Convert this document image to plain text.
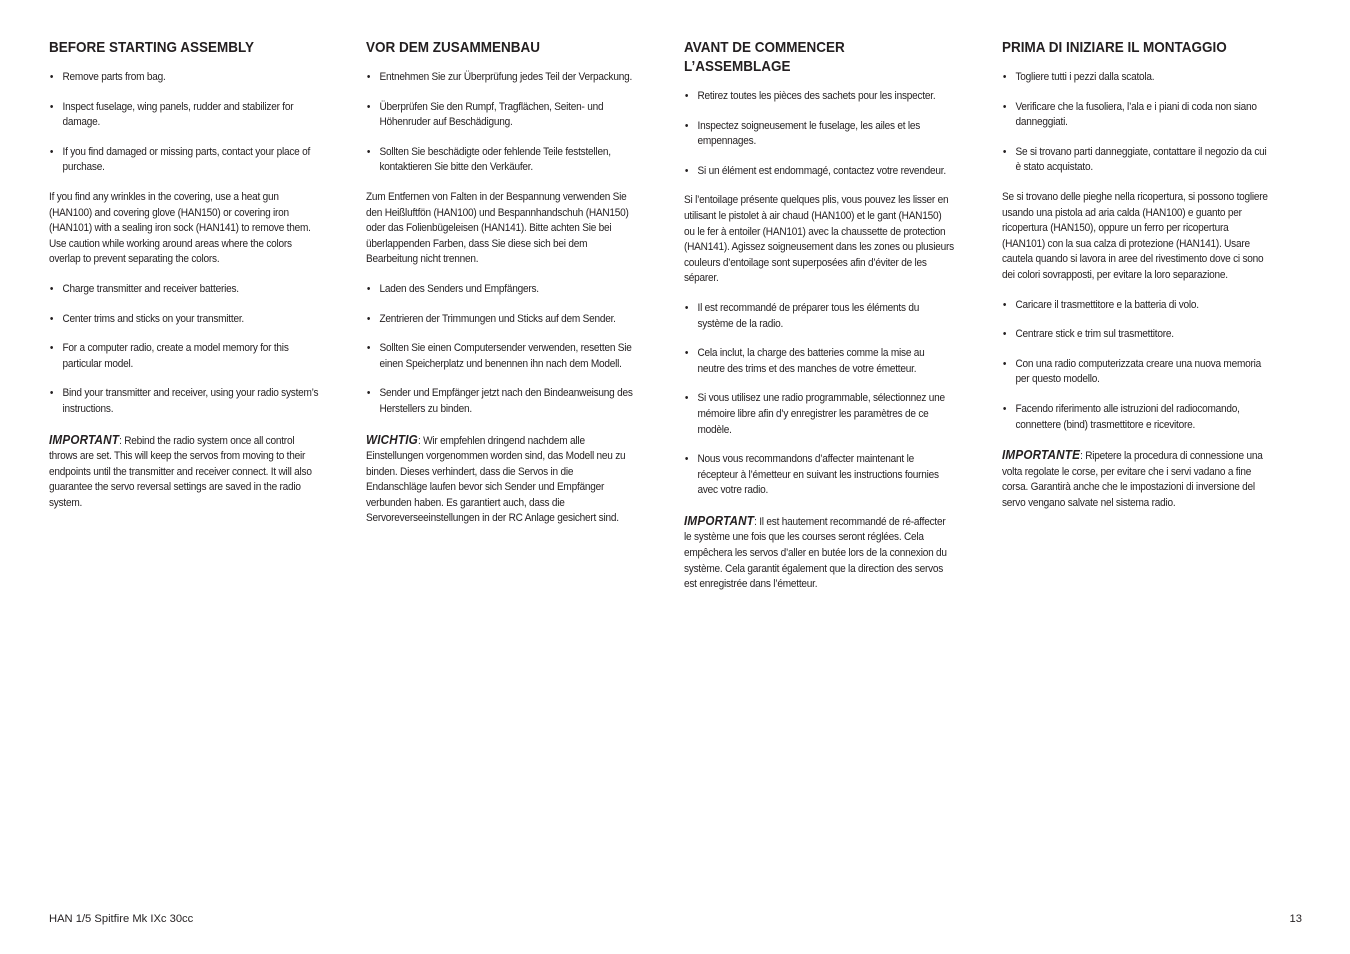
BEFORE STARTING ASSEMBLY
• Remove parts from bag.
• Inspect fuselage, wing panels, rudder and stabilizer for damage.
• If you find damaged or missing parts, contact your place of purchase.

If you find any wrinkles in the covering, use a heat gun (HAN100) and covering glove (HAN150) or covering iron (HAN101) with a sealing iron sock (HAN141) to remove them. Use caution while working around areas where the colors overlap to prevent separating the colors.

• Charge transmitter and receiver batteries.
• Center trims and sticks on your transmitter.
• For a computer radio, create a model memory for this particular model.
• Bind your transmitter and receiver, using your radio system’s instructions.

IMPORTANT: Rebind the radio system once all control throws are set. This will keep the servos from moving to their endpoints until the transmitter and receiver connect. It will also guarantee the servo reversal settings are saved in the radio system.

VOR DEM ZUSAMMENBAU
• Entnehmen Sie zur Überprüfung jedes Teil der Verpackung.
• Überprüfen Sie den Rumpf, Tragflächen, Seiten- und Höhenruder auf Beschädigung.
• Sollten Sie beschädigte oder fehlende Teile feststellen, kontaktieren Sie bitte den Verkäufer.

Zum Entfernen von Falten in der Bespannung verwenden Sie den Heißluftfön (HAN100) und Bespannhandschuh (HAN150) oder das Folienbügeleisen (HAN141). Bitte achten Sie bei überlappenden Farben, dass Sie diese sich bei dem Bearbeitung nicht trennen.

• Laden des Senders und Empfängers.
• Zentrieren der Trimmungen und Sticks auf dem Sender.
• Sollten Sie einen Computersender verwenden, resetten Sie einen Speicherplatz und benennen ihn nach dem Modell.
• Sender und Empfänger jetzt nach den Bindeanweisung des Herstellers zu binden.

WICHTIG: Wir empfehlen dringend nachdem alle Einstellungen vorgenommen worden sind, das Modell neu zu binden. Dieses verhindert, dass die Servos in die Endanschläge laufen bevor sich Sender und Empfänger verbunden haben. Es garantiert auch, dass die Servoreverseeinstellungen in der RC Anlage gesichert sind.

AVANT DE COMMENCER L’ASSEMBLAGE
• Retirez toutes les pièces des sachets pour les inspecter.
• Inspectez soigneusement le fuselage, les ailes et les empennages.
• Si un élément est endommagé, contactez votre revendeur.

Si l’entoilage présente quelques plis, vous pouvez les lisser en utilisant le pistolet à air chaud (HAN100) et le gant (HAN150) ou le fer à entoiler (HAN101) avec la chaussette de protection (HAN141). Agissez soigneusement dans les zones ou plusieurs couleurs d’entoilage sont superposées afin d’éviter de les séparer.

• Il est recommandé de préparer tous les éléments du système de la radio.
• Cela inclut, la charge des batteries comme la mise au neutre des trims et des manches de votre émetteur.
• Si vous utilisez une radio programmable, sélectionnez une mémoire libre afin d’y enregistrer les paramètres de ce modèle.
• Nous vous recommandons d’affecter maintenant le récepteur à l’émetteur en suivant les instructions fournies avec votre radio.

IMPORTANT: Il est hautement recommandé de ré-affecter le système une fois que les courses seront réglées. Cela empêchera les servos d’aller en butée lors de la connexion du système. Cela garantit également que la direction des servos est enregistrée dans l’émetteur.

PRIMA DI INIZIARE IL MONTAGGIO
• Togliere tutti i pezzi dalla scatola.
• Verificare che la fusoliera, l’ala e i piani di coda non siano danneggiati.
• Se si trovano parti danneggiate, contattare il negozio da cui è stato acquistato.

Se si trovano delle pieghe nella ricopertura, si possono togliere usando una pistola ad aria calda (HAN100) e guanto per ricopertura (HAN150), oppure un ferro per ricopertura (HAN101) con la sua calza di protezione (HAN141). Usare cautela quando si lavora in aree del rivestimento dove ci sono dei colori sovrapposti, per evitare la loro separazione.

• Caricare il trasmettitore e la batteria di volo.
• Centrare stick e trim sul trasmettitore.
• Con una radio computerizzata creare una nuova memoria per questo modello.
• Facendo riferimento alle istruzioni del radiocomando, connettere (bind) trasmettitore e ricevitore.

IMPORTANTE: Ripetere la procedura di connessione una volta regolate le corse, per evitare che i servi vadano a fine corsa. Garantirà anche che le impostazioni di inversione del servo vengano salvate nel sistema radio.

HAN 1/5 Spitfire Mk IXc 30cc	13
